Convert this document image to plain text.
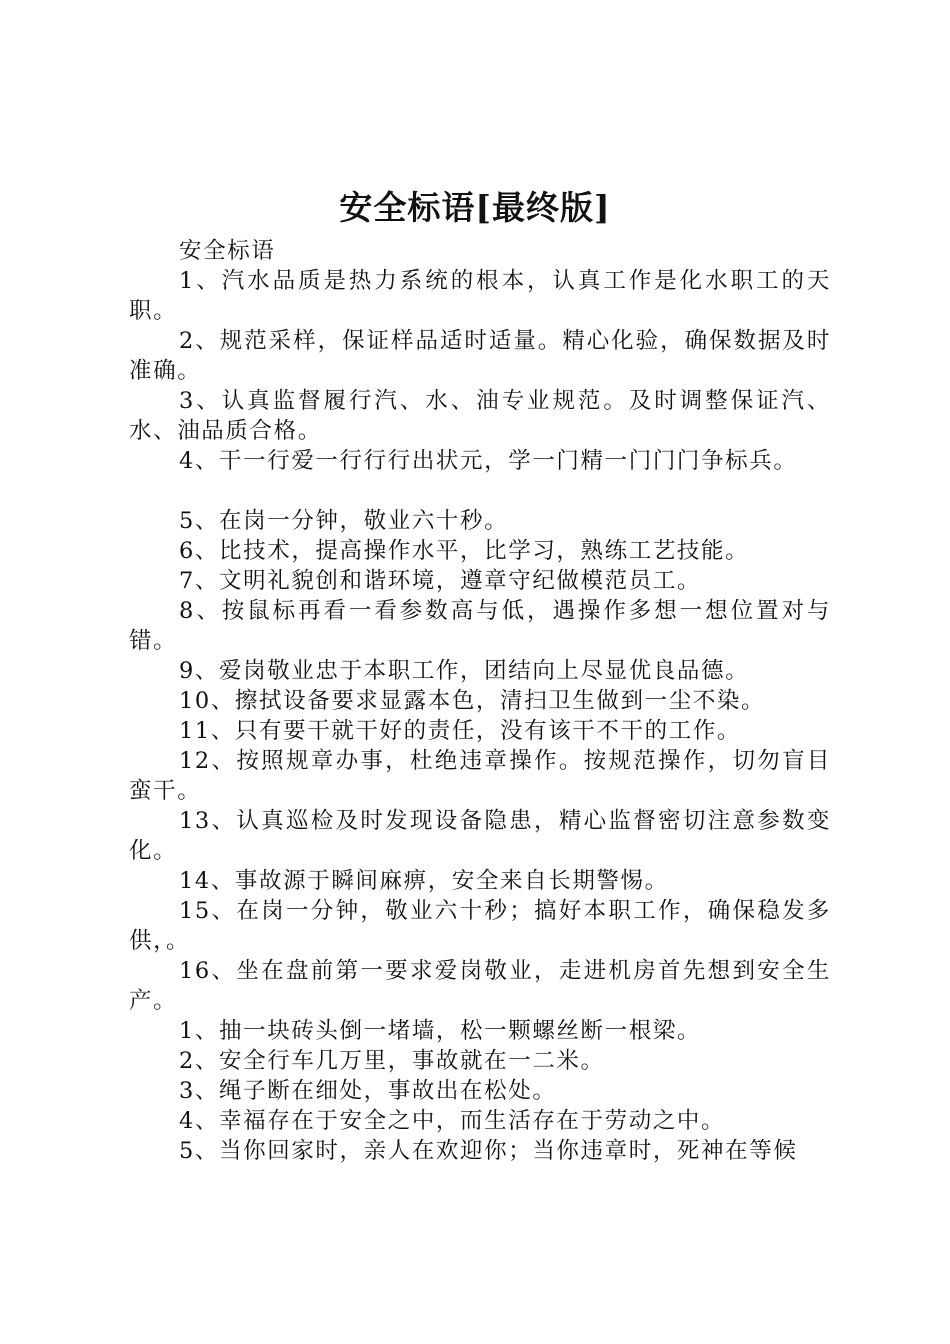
安全标语[最终版]

安全标语

1、汽水品质是热力系统的根本，认真工作是化水职工的天职。

2、规范采样，保证样品适时适量。精心化验，确保数据及时准确。

3、认真监督履行汽、水、油专业规范。及时调整保证汽、水、油品质合格。

4、干一行爱一行行行出状元，学一门精一门门门争标兵。

5、在岗一分钟，敬业六十秒。

6、比技术，提高操作水平，比学习，熟练工艺技能。

7、文明礼貌创和谐环境，遵章守纪做模范员工。

8、按鼠标再看一看参数高与低，遇操作多想一想位置对与错。

9、爱岗敬业忠于本职工作，团结向上尽显优良品德。

10、擦拭设备要求显露本色，清扫卫生做到一尘不染。

11、只有要干就干好的责任，没有该干不干的工作。

12、按照规章办事，杜绝违章操作。按规范操作，切勿盲目蛮干。

13、认真巡检及时发现设备隐患，精心监督密切注意参数变化。

14、事故源于瞬间麻痹，安全来自长期警惕。

15、在岗一分钟，敬业六十秒；搞好本职工作，确保稳发多供，。

16、坐在盘前第一要求爱岗敬业，走进机房首先想到安全生产。

1、抽一块砖头倒一堵墙，松一颗螺丝断一根梁。

2、安全行车几万里，事故就在一二米。

3、绳子断在细处，事故出在松处。

4、幸福存在于安全之中，而生活存在于劳动之中。

5、当你回家时，亲人在欢迎你；当你违章时，死神在等候
